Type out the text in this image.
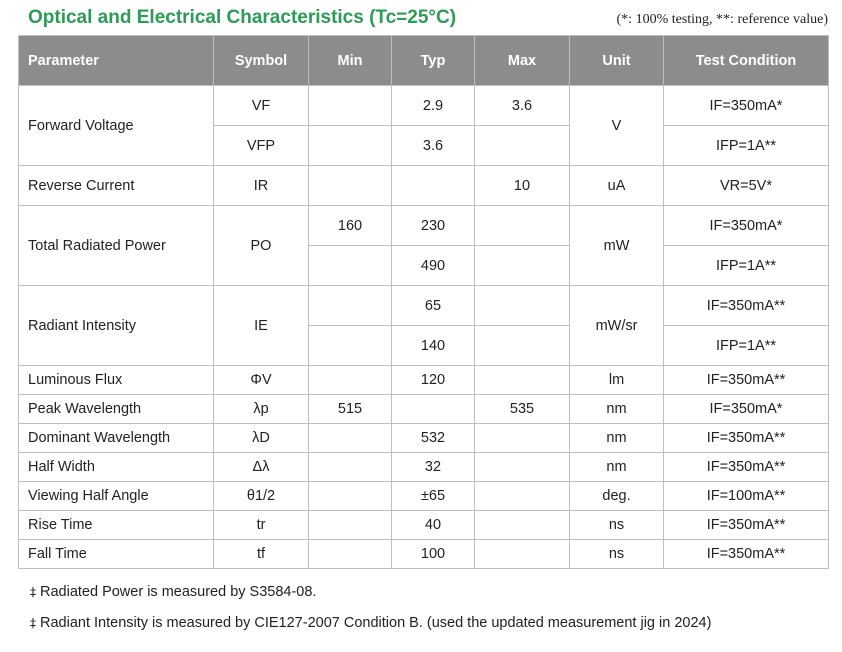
Optical and Electrical Characteristics (Tc=25°C)	(*: 100% testing, **: reference value)
Parameter	Symbol	Min	Typ	Max	Unit	Test Condition
Forward Voltage	VF		2.9	3.6	V	IF=350mA*
	VFP		3.6			IFP=1A**
Reverse Current	IR			10	uA	VR=5V*
Total Radiated Power	PO	160	230		mW	IF=350mA*
			490			IFP=1A**
Radiant Intensity	IE		65		mW/sr	IF=350mA**
			140			IFP=1A**
Luminous Flux	ΦV		120		lm	IF=350mA**
Peak Wavelength	λp	515		535	nm	IF=350mA*
Dominant Wavelength	λD		532		nm	IF=350mA**
Half Width	Δλ		32		nm	IF=350mA**
Viewing Half Angle	θ1/2		±65		deg.	IF=100mA**
Rise Time	tr		40		ns	IF=350mA**
Fall Time	tf		100		ns	IF=350mA**
‡ Radiated Power is measured by S3584-08.
‡ Radiant Intensity is measured by CIE127-2007 Condition B. (used the updated measurement jig in 2024)
